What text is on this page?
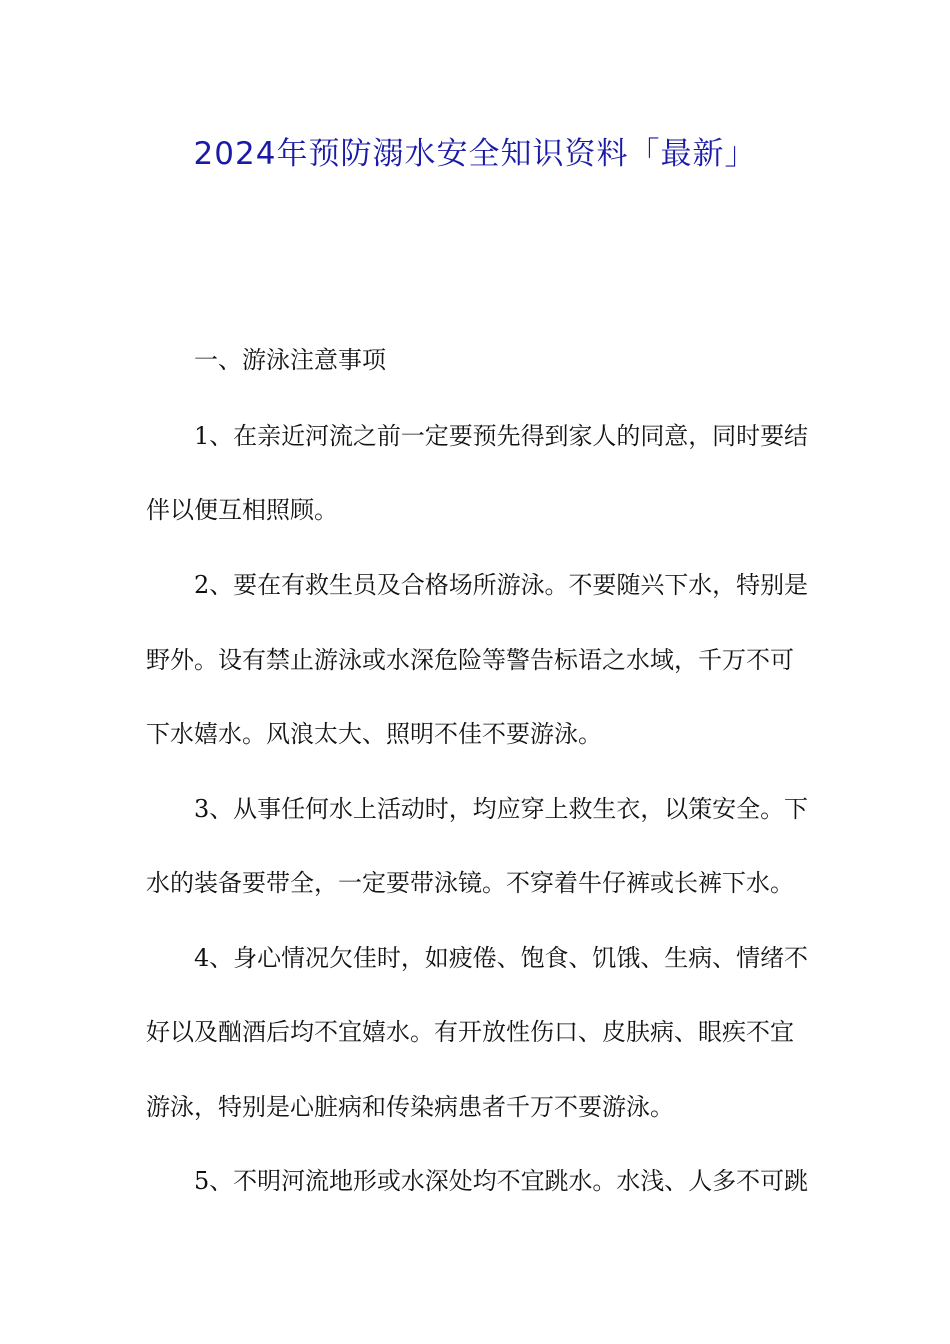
2024年预防溺水安全知识资料「最新」
一、游泳注意事项
1、在亲近河流之前一定要预先得到家人的同意，同时要结
伴以便互相照顾。
2、要在有救生员及合格场所游泳。不要随兴下水，特别是
野外。设有禁止游泳或水深危险等警告标语之水域，千万不可
下水嬉水。风浪太大、照明不佳不要游泳。
3、从事任何水上活动时，均应穿上救生衣，以策安全。下
水的装备要带全，一定要带泳镜。不穿着牛仔裤或长裤下水。
4、身心情况欠佳时，如疲倦、饱食、饥饿、生病、情绪不
好以及酗酒后均不宜嬉水。有开放性伤口、皮肤病、眼疾不宜
游泳，特别是心脏病和传染病患者千万不要游泳。
5、不明河流地形或水深处均不宜跳水。水浅、人多不可跳
